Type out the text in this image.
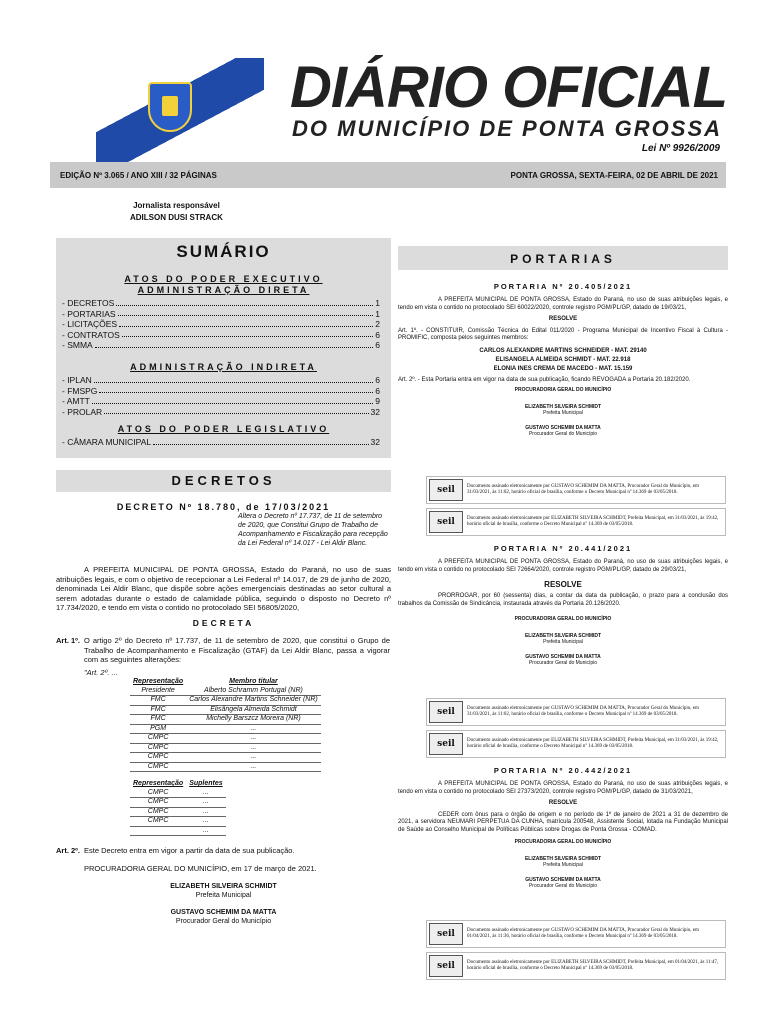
DIÁRIO OFICIAL
DO MUNICÍPIO DE PONTA GROSSA
Lei Nº 9926/2009
EDIÇÃO Nº 3.065 / ANO XIII / 32 PÁGINAS	PONTA GROSSA, SEXTA-FEIRA, 02 DE ABRIL DE 2021
Jornalista responsável
ADILSON DUSI STRACK
SUMÁRIO
ATOS DO PODER EXECUTIVO
ADMINISTRAÇÃO DIRETA
- DECRETOS	1
- PORTARIAS	1
- LICITAÇÕES	2
- CONTRATOS	6
- SMMA	6
ADMINISTRAÇÃO INDIRETA
- IPLAN	6
- FMSPG	6
- AMTT	9
- PROLAR	32
ATOS DO PODER LEGISLATIVO
- CÂMARA MUNICIPAL	32
DECRETOS
DECRETO Nº 18.780, de 17/03/2021
Altera o Decreto nº 17.737, de 11 de setembro de 2020, que Constitui Grupo de Trabalho de Acompanhamento e Fiscalização para recepção da Lei Federal nº 14.017 - Lei Aldir Blanc.
A PREFEITA MUNICIPAL DE PONTA GROSSA, Estado do Paraná, no uso de suas atribuições legais, e com o objetivo de recepcionar a Lei Federal nº 14.017, de 29 de junho de 2020, denominada Lei Aldir Blanc, que dispõe sobre ações emergenciais destinadas ao setor cultural a serem adotadas durante o estado de calamidade pública, seguindo o disposto no Decreto nº 17.734/2020, e tendo em vista o contido no protocolado SEI 56805/2020,
DECRETA
Art. 1º. O artigo 2º do Decreto nº 17.737, de 11 de setembro de 2020, que constitui o Grupo de Trabalho de Acompanhamento e Fiscalização (GTAF) da Lei Aldir Blanc, passa a vigorar com as seguintes alterações:
"Art. 2º. ...
Representação	Membro titular
Presidente	Alberto Schramm Portugal (NR)
FMC	Carlos Alexandre Martins Schneider (NR)
FMC	Elisângela Almeida Schmidt
FMC	Michelly Barszcz Moreira (NR)
PGM	...
CMPC	...
CMPC	...
CMPC	...
CMPC	...
Representação	Suplentes
CMPC	...
CMPC	...
CMPC	...
CMPC	...
	...
Art. 2º. Este Decreto entra em vigor a partir da data de sua publicação.
PROCURADORIA GERAL DO MUNICÍPIO, em 17 de março de 2021.
ELIZABETH SILVEIRA SCHMIDT
Prefeita Municipal
GUSTAVO SCHEMIM DA MATTA
Procurador Geral do Município
PORTARIAS
PORTARIA Nº 20.405/2021
A PREFEITA MUNICIPAL DE PONTA GROSSA, Estado do Paraná, no uso de suas atribuições legais, e tendo em vista o contido no protocolado SEI 60022/2020, controle registro PGM/PL/GP, datado de 19/03/21,
RESOLVE
Art. 1º. - CONSTITUIR, Comissão Técnica do Edital 011/2020 - Programa Municipal de Incentivo Fiscal à Cultura - PROMIFIC, composta pelos seguintes membros:
CARLOS ALEXANDRE MARTINS SCHNEIDER - MAT. 29140
ELISANGELA ALMEIDA SCHMIDT - MAT. 22.918
ELONIA INES CREMA DE MACEDO - MAT. 15.159
Art. 2º. - Esta Portaria entra em vigor na data de sua publicação, ficando REVOGADA a Portaria 20.182/2020.
PROCURADORIA GERAL DO MUNICÍPIO
ELIZABETH SILVEIRA SCHMIDT
Prefeita Municipal
GUSTAVO SCHEMIM DA MATTA
Procurador Geral do Município
seil	Documento assinado eletronicamente por GUSTAVO SCHEMIM DA MATTA, Procurador Geral do Município, em 31/03/2021, às 11:02, horário oficial de brasília, conforme o Decreto Municipal nº 14.369 de 03/05/2018.
seil	Documento assinado eletronicamente por ELIZABETH SILVEIRA SCHMIDT, Prefeita Municipal, em 31/03/2021, às 19:42, horário oficial de brasília, conforme o Decreto Municipal nº 14.369 de 03/05/2018.
PORTARIA Nº 20.441/2021
A PREFEITA MUNICIPAL DE PONTA GROSSA, Estado do Paraná, no uso de suas atribuições legais, e tendo em vista o contido no protocolado SEI 72664/2020, controle registro PGM/PL/GP, datado de 29/03/21,
RESOLVE
PRORROGAR, por 60 (sessenta) dias, a contar da data da publicação, o prazo para a conclusão dos trabalhos da Comissão de Sindicância, instaurada através da Portaria 20.126/2020.
PROCURADORIA GERAL DO MUNICÍPIO
ELIZABETH SILVEIRA SCHMIDT
Prefeita Municipal
GUSTAVO SCHEMIM DA MATTA
Procurador Geral do Município
seil	Documento assinado eletronicamente por GUSTAVO SCHEMIM DA MATTA, Procurador Geral do Município, em 31/03/2021, às 11:02, horário oficial de brasília, conforme o Decreto Municipal nº 14.369 de 03/05/2018.
seil	Documento assinado eletronicamente por ELIZABETH SILVEIRA SCHMIDT, Prefeita Municipal, em 31/03/2021, às 19:42, horário oficial de brasília, conforme o Decreto Municipal nº 14.369 de 03/05/2018.
PORTARIA Nº 20.442/2021
A PREFEITA MUNICIPAL DE PONTA GROSSA, Estado do Paraná, no uso de suas atribuições legais, e tendo em vista o contido no protocolado SEI 27373/2020, controle registro PGM/PL/GP, datado de 31/03/2021,
RESOLVE
CEDER com ônus para o órgão de origem e no período de 1º de janeiro de 2021 a 31 de dezembro de 2021, a servidora NEUMARI PERPETUA DA CUNHA, matrícula 200548, Assistente Social, lotada na Fundação Municipal de Saúde ao Conselho Municipal de Políticas Públicas sobre Drogas de Ponta Grossa - COMAD.
PROCURADORIA GERAL DO MUNICÍPIO
ELIZABETH SILVEIRA SCHMIDT
Prefeita Municipal
GUSTAVO SCHEMIM DA MATTA
Procurador Geral do Município
seil	Documento assinado eletronicamente por GUSTAVO SCHEMIM DA MATTA, Procurador Geral do Município, em 01/04/2021, às 11:36, horário oficial de brasília, conforme o Decreto Municipal nº 14.369 de 03/05/2018.
seil	Documento assinado eletronicamente por ELIZABETH SILVEIRA SCHMIDT, Prefeita Municipal, em 01/04/2021, às 11:47, horário oficial de brasília, conforme o Decreto Municipal nº 14.369 de 03/05/2018.
